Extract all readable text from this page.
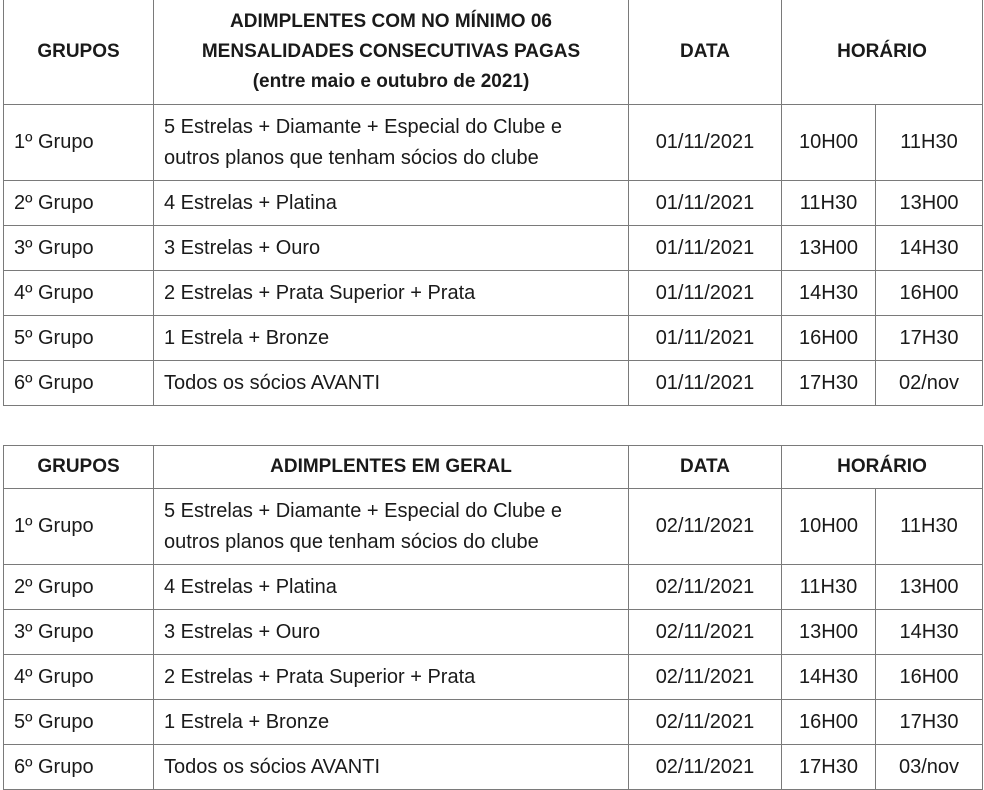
GRUPOS	ADIMPLENTES COM NO MÍNIMO 06
MENSALIDADES CONSECUTIVAS PAGAS
(entre maio e outubro de 2021)	DATA	HORÁRIO	
1º Grupo	5 Estrelas + Diamante + Especial do Clube e
outros planos que tenham sócios do clube	01/11/2021	10H00	11H30
2º Grupo	4 Estrelas + Platina	01/11/2021	11H30	13H00
3º Grupo	3 Estrelas + Ouro	01/11/2021	13H00	14H30
4º Grupo	2 Estrelas + Prata Superior + Prata	01/11/2021	14H30	16H00
5º Grupo	1 Estrela + Bronze	01/11/2021	16H00	17H30
6º Grupo	Todos os sócios AVANTI	01/11/2021	17H30	02/nov
GRUPOS	ADIMPLENTES EM GERAL	DATA	HORÁRIO	
1º Grupo	5 Estrelas + Diamante + Especial do Clube e
outros planos que tenham sócios do clube	02/11/2021	10H00	11H30
2º Grupo	4 Estrelas + Platina	02/11/2021	11H30	13H00
3º Grupo	3 Estrelas + Ouro	02/11/2021	13H00	14H30
4º Grupo	2 Estrelas + Prata Superior + Prata	02/11/2021	14H30	16H00
5º Grupo	1 Estrela + Bronze	02/11/2021	16H00	17H30
6º Grupo	Todos os sócios AVANTI	02/11/2021	17H30	03/nov
